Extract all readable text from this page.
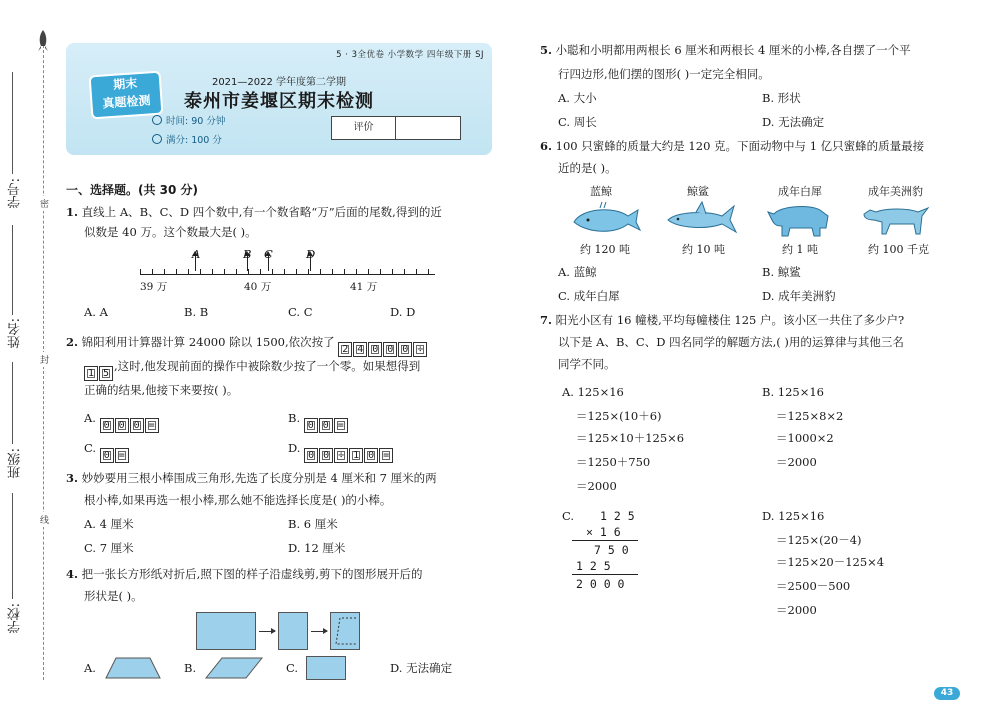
学号:
姓名:
班级:
学校:
密
封
线
5 · 3全优卷 小学数学 四年级下册 SJ
期末
真题检测
2021—2022 学年度第二学期
泰州市姜堰区期末检测
时间: 90 分钟
满分: 100 分
评价
一、选择题。(共 30 分)
1. 直线上 A、B、C、D 四个数中,有一个数省略“万”后面的尾数,得到的近
似数是 40 万。这个数最大是( )。
A	B C	D
39 万	40 万	41 万
A. A	B. B	C. C	D. D
2. 锦阳利用计算器计算 24000 除以 1500,依次按了 2 4 0 0 0 ÷
1 5,这时,他发现前面的操作中被除数少按了一个零。如果想得到
正确的结果,他接下来要按( )。
A. 0 0 0 =
B. 0 0 =
C. 0 =
D. 0 0 ÷ 1 0 =
3. 妙妙要用三根小棒围成三角形,先选了长度分别是 4 厘米和 7 厘米的两
根小棒,如果再选一根小棒,那么她不能选择长度是( )的小棒。
A. 4 厘米	B. 6 厘米
C. 7 厘米	D. 12 厘米
4. 把一张长方形纸对折后,照下图的样子沿虚线剪,剪下的图形展开后的
形状是( )。
A.	B.	C.	D. 无法确定
5. 小聪和小明都用两根长 6 厘米和两根长 4 厘米的小棒,各自摆了一个平
行四边形,他们摆的图形( )一定完全相同。
A. 大小	B. 形状
C. 周长	D. 无法确定
6. 100 只蜜蜂的质量大约是 120 克。下面动物中与 1 亿只蜜蜂的质量最接
近的是( )。
蓝鲸	鲸鲨	成年白犀	成年美洲豹
约 120 吨	约 10 吨	约 1 吨	约 100 千克
A. 蓝鲸	B. 鲸鲨
C. 成年白犀	D. 成年美洲豹
7. 阳光小区有 16 幢楼,平均每幢楼住 125 户。该小区一共住了多少户?
以下是 A、B、C、D 四名同学的解题方法,( )用的运算律与其他三名
同学不同。
A. 125×16
＝125×(10＋6)
＝125×10＋125×6
＝1250＋750
＝2000
B. 125×16
＝125×8×2
＝1000×2
＝2000
C. 1 2 5
× 1 6
7 5 0
1 2 5
2 0 0 0
D. 125×16
＝125×(20－4)
＝125×20－125×4
＝2500－500
＝2000
43
